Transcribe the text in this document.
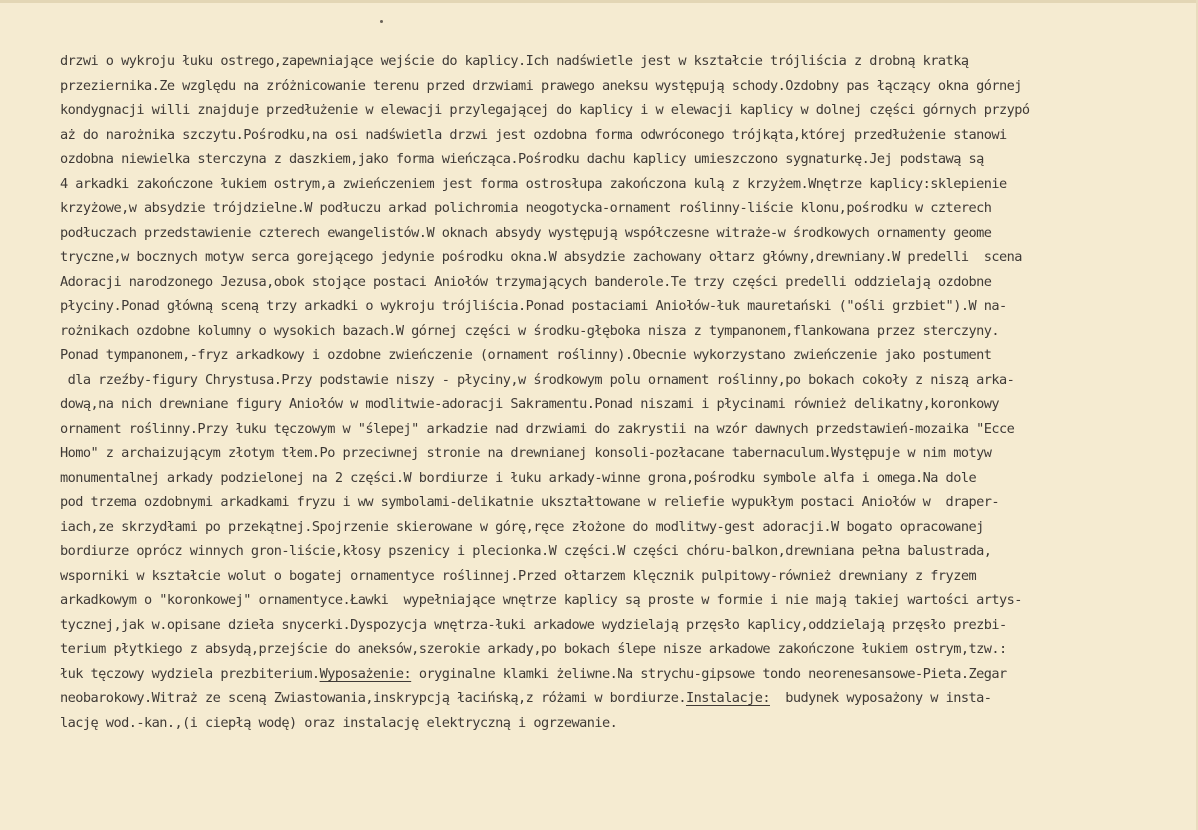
drzwi o wykroju łuku ostrego,zapewniające wejście do kaplicy.Ich nadświetle jest w kształcie trójliścia z drobną kratką
przeziernika.Ze względu na zróżnicowanie terenu przed drzwiami prawego aneksu występują schody.Ozdobny pas łączący okna górnej
kondygnacji willi znajduje przedłużenie w elewacji przylegającej do kaplicy i w elewacji kaplicy w dolnej części górnych przypó
aż do narożnika szczytu.Pośrodku,na osi nadświetla drzwi jest ozdobna forma odwróconego trójkąta,której przedłużenie stanowi
ozdobna niewielka sterczyna z daszkiem,jako forma wieńcząca.Pośrodku dachu kaplicy umieszczono sygnaturkę.Jej podstawą są
4 arkadki zakończone łukiem ostrym,a zwieńczeniem jest forma ostrosłupa zakończona kulą z krzyżem.Wnętrze kaplicy:sklepienie
krzyżowe,w absydzie trójdzielne.W podłuczu arkad polichromia neogotycka-ornament roślinny-liście klonu,pośrodku w czterech
podłuczach przedstawienie czterech ewangelistów.W oknach absydy występują współczesne witraże-w środkowych ornamenty geome
tryczne,w bocznych motyw serca gorejącego jedynie pośrodku okna.W absydzie zachowany ołtarz główny,drewniany.W predelli  scena
Adoracji narodzonego Jezusa,obok stojące postaci Aniołów trzymających banderole.Te trzy części predelli oddzielają ozdobne
płyciny.Ponad główną sceną trzy arkadki o wykroju trójliścia.Ponad postaciami Aniołów-łuk mauretański ("ośli grzbiet").W na-
rożnikach ozdobne kolumny o wysokich bazach.W górnej części w środku-głęboka nisza z tympanonem,flankowana przez sterczyny.
Ponad tympanonem,-fryz arkadkowy i ozdobne zwieńczenie (ornament roślinny).Obecnie wykorzystano zwieńczenie jako postument
dla rzeźby-figury Chrystusa.Przy podstawie niszy - płyciny,w środkowym polu ornament roślinny,po bokach cokoły z niszą arka-
dową,na nich drewniane figury Aniołów w modlitwie-adoracji Sakramentu.Ponad niszami i płycinami również delikatny,koronkowy
ornament roślinny.Przy łuku tęczowym w "ślepej" arkadzie nad drzwiami do zakrystii na wzór dawnych przedstawień-mozaika "Ecce
Homo" z archaizującym złotym tłem.Po przeciwnej stronie na drewnianej konsoli-pozłacane tabernaculum.Występuje w nim motyw
monumentalnej arkady podzielonej na 2 części.W bordiurze i łuku arkady-winne grona,pośrodku symbole alfa i omega.Na dole
pod trzema ozdobnymi arkadkami fryzu i ww symbolami-delikatnie ukształtowane w reliefie wypukłym postaci Aniołów w  draper-
iach,ze skrzydłami po przekątnej.Spojrzenie skierowane w górę,ręce złożone do modlitwy-gest adoracji.W bogato opracowanej
bordiurze oprócz winnych gron-liście,kłosy pszenicy i plecionka.W części.W części chóru-balkon,drewniana pełna balustrada,
wsporniki w kształcie wolut o bogatej ornamentyce roślinnej.Przed ołtarzem klęcznik pulpitowy-również drewniany z fryzem
arkadkowym o "koronkowej" ornamentyce.Ławki  wypełniające wnętrze kaplicy są proste w formie i nie mają takiej wartości artys-
tycznej,jak w.opisane dzieła snycerki.Dyspozycja wnętrza-łuki arkadowe wydzielają przęsło kaplicy,oddzielają przęsło prezbi-
terium płytkiego z absydą,przejście do aneksów,szerokie arkady,po bokach ślepe nisze arkadowe zakończone łukiem ostrym,tzw.:
łuk tęczowy wydziela prezbiterium.Wyposażenie: oryginalne klamki żeliwne.Na strychu-gipsowe tondo neorenesansowe-Pieta.Zegar
neobarokowy.Witraż ze sceną Zwiastowania,inskrypcją łacińską,z różami w bordiurze.Instalacje:  budynek wyposażony w insta-
lację wod.-kan.,(i ciepłą wodę) oraz instalację elektryczną i ogrzewanie.
